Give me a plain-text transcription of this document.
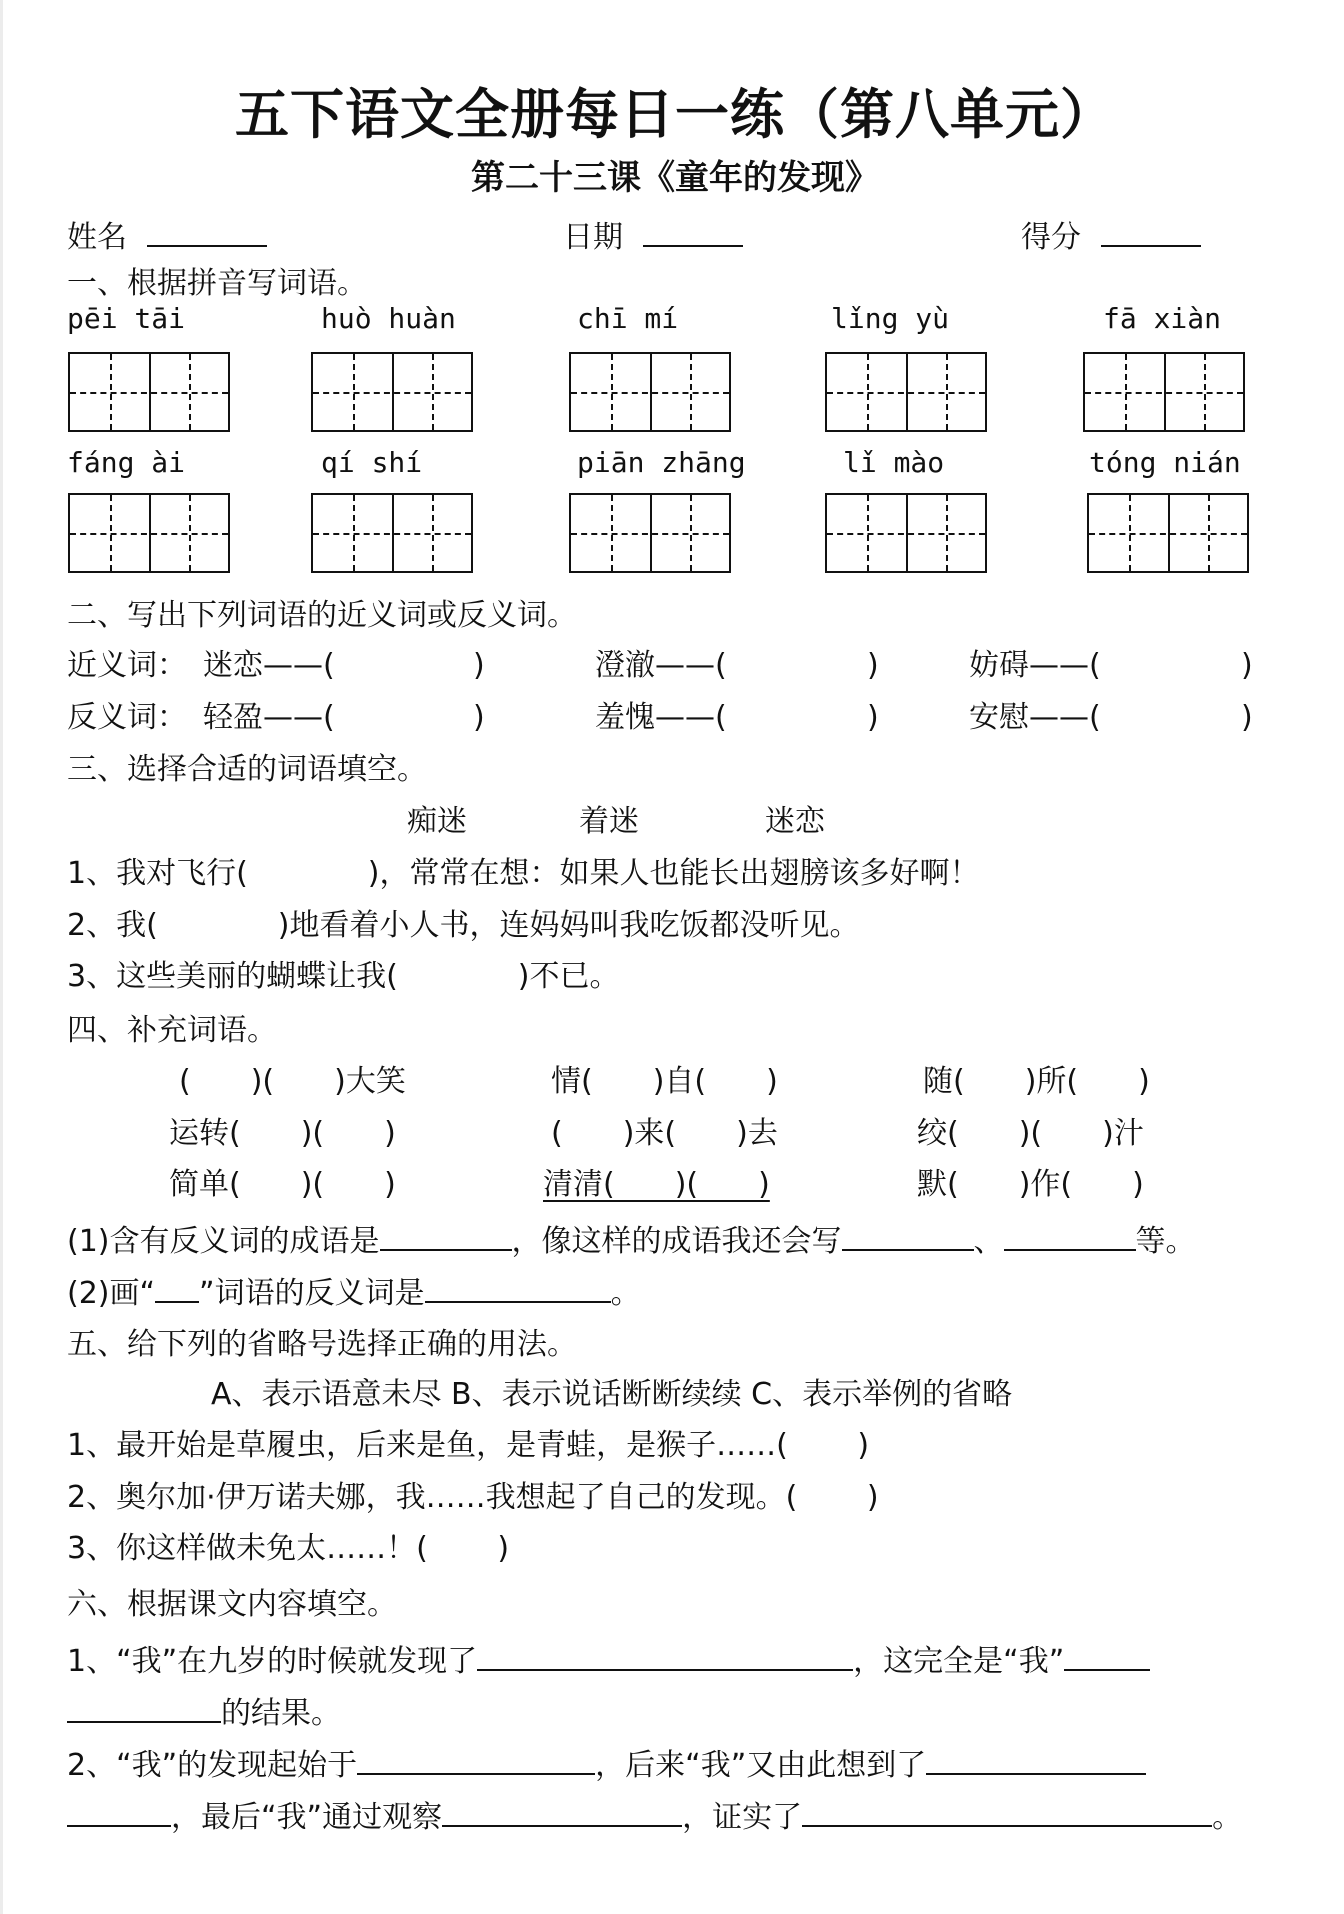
五下语文全册每日一练（第八单元）
第二十三课《童年的发现》
姓名	日期	得分
一、根据拼音写词语。
pēi tāi	huò huàn	chī mí	lǐng yù	fā xiàn
fáng ài	qí shí	piān zhāng	lǐ mào	tóng nián
二、写出下列词语的近义词或反义词。
近义词： 迷恋——(	)	澄澈——(	)	妨碍——(	)
反义词： 轻盈——(	)	羞愧——(	)	安慰——(	)
三、选择合适的词语填空。
痴迷	着迷	迷恋
1、我对飞行(	)，常常在想：如果人也能长出翅膀该多好啊！
2、我(	)地看着小人书，连妈妈叫我吃饭都没听见。
3、这些美丽的蝴蝶让我(	)不已。
四、补充词语。
(　　)(　　)大笑	情(　　)自(　　)	随(　　)所(　　)
运转(　　)(　　)	(　　)来(　　)去	绞(　　)(　　)汁
简单(　　)(　　)	清清(　　)(　　)	默(　　)作(　　)
(1)含有反义词的成语是	，像这样的成语我还会写	、	等。
(2)画“ ”词语的反义词是	。
五、给下列的省略号选择正确的用法。
A、表示语意未尽 B、表示说话断断续续 C、表示举例的省略
1、最开始是草履虫，后来是鱼，是青蛙，是猴子……(　　 )
2、奥尔加·伊万诺夫娜，我……我想起了自己的发现。(　　 )
3、你这样做未免太……！(　　 )
六、根据课文内容填空。
1、“我”在九岁的时候就发现了	，这完全是“我”
的结果。
2、“我”的发现起始于	，后来“我”又由此想到了
，最后“我”通过观察	，证实了	。
